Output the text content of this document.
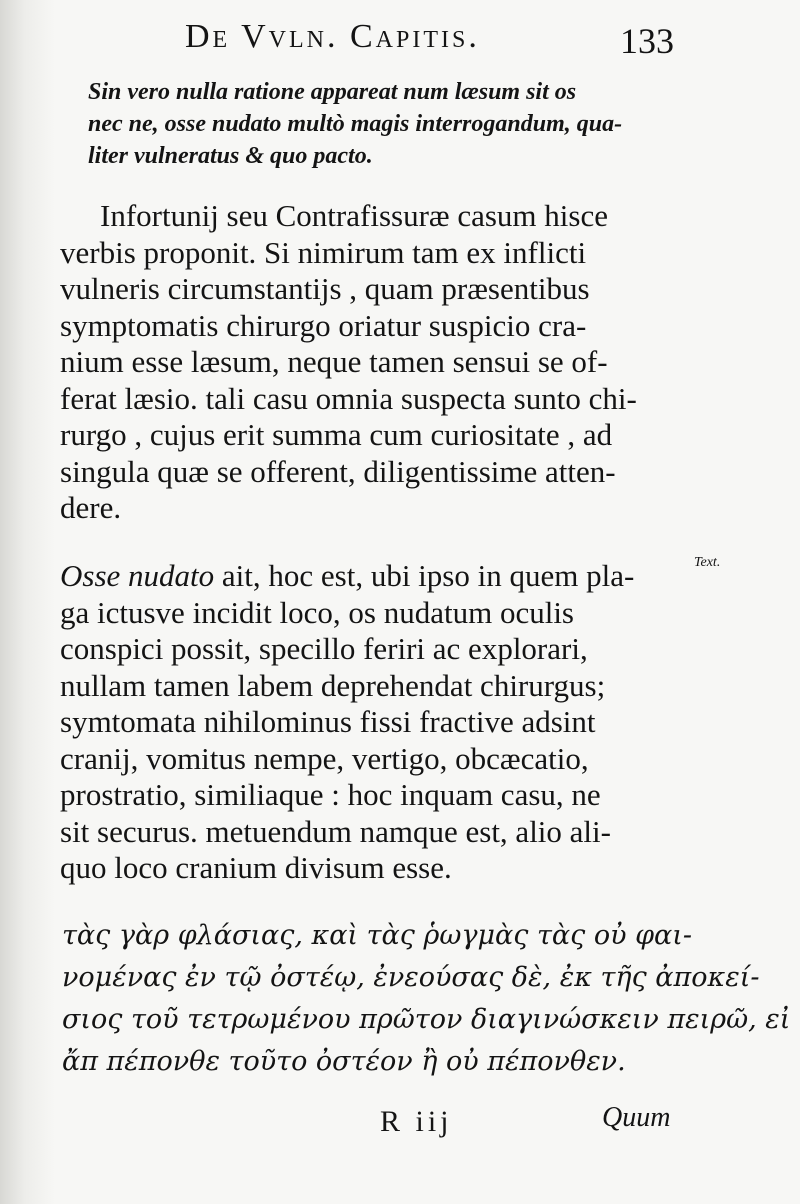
De Vvln. Capitis.	133
Sin vero nulla ratione appareat num læsum sit os
nec ne, osse nudato multò magis interrogandum, qua-
liter vulneratus & quo pacto.
Infortunij seu Contrafissuræ casum hisce
verbis proponit. Si nimirum tam ex inflicti
vulneris circumstantijs , quam præsentibus
symptomatis chirurgo oriatur suspicio cra-
nium esse læsum, neque tamen sensui se of-
ferat læsio. tali casu omnia suspecta sunto chi-
rurgo , cujus erit summa cum curiositate , ad
singula quæ se offerent, diligentissime atten-
dere.
Text.
Osse nudato ait, hoc est, ubi ipso in quem pla-
ga ictusve incidit loco, os nudatum oculis
conspici possit, specillo feriri ac explorari,
nullam tamen labem deprehendat chirurgus;
symtomata nihilominus fissi fractive adsint
cranij, vomitus nempe, vertigo, obcæcatio,
prostratio, similiaque : hoc inquam casu, ne
sit securus. metuendum namque est, alio ali-
quo loco cranium divisum esse.
τὰς γὰρ φλάσιας, καὶ τὰς ῥωγμὰς τὰς οὐ φαι-
νομένας ἐν τῷ ὀστέῳ, ἐνεούσας δὲ, ἐκ τῆς ἀποκεί-
σιος τοῦ τετρωμένου πρῶτον διαγινώσκειν πειρῶ, εἰ
ἄπ πέπονθε τοῦτο ὀστέον ἢ οὐ πέπονθεν.
R iij	Quum
